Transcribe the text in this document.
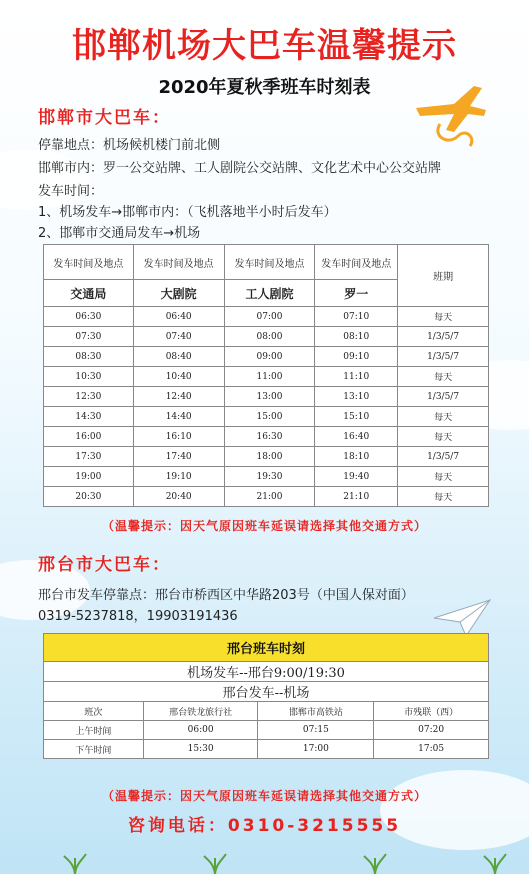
邯郸机场大巴车温馨提示
2020年夏秋季班车时刻表
邯郸市大巴车：
停靠地点：机场候机楼门前北侧
邯郸市内：罗一公交站牌、工人剧院公交站牌、文化艺术中心公交站牌
发车时间：
1、机场发车→邯郸市内：（飞机落地半小时后发车）
2、邯郸市交通局发车→机场
发车时间及地点	发车时间及地点	发车时间及地点	发车时间及地点	班期
交通局	大剧院	工人剧院	罗一	
06:30	06:40	07:00	07:10	每天
07:30	07:40	08:00	08:10	1/3/5/7
08:30	08:40	09:00	09:10	1/3/5/7
10:30	10:40	11:00	11:10	每天
12:30	12:40	13:00	13:10	1/3/5/7
14:30	14:40	15:00	15:10	每天
16:00	16:10	16:30	16:40	每天
17:30	17:40	18:00	18:10	1/3/5/7
19:00	19:10	19:30	19:40	每天
20:30	20:40	21:00	21:10	每天
（温馨提示：因天气原因班车延误请选择其他交通方式）
邢台市大巴车：
邢台市发车停靠点：邢台市桥西区中华路203号（中国人保对面）
0319-5237818，19903191436
邢台班车时刻			
机场发车--邢台9:00/19:30			
邢台发车--机场			
班次	邢台铁龙旅行社	邯郸市高铁站	市残联（西）
上午时间	06:00	07:15	07:20
下午时间	15:30	17:00	17:05
（温馨提示：因天气原因班车延误请选择其他交通方式）
咨询电话：0310-3215555
